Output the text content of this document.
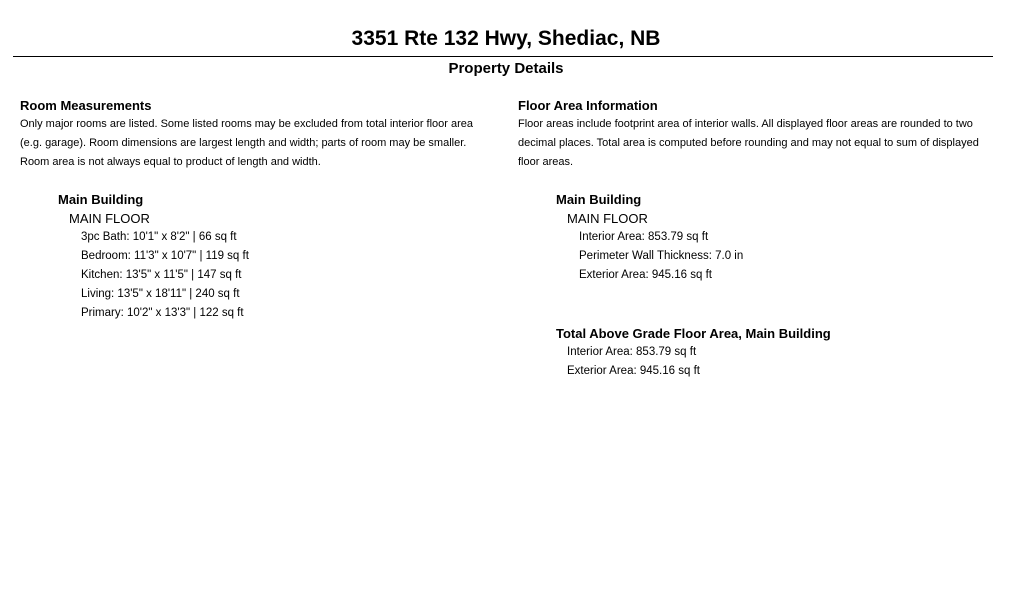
3351 Rte 132 Hwy, Shediac, NB
Property Details
Room Measurements
Only major rooms are listed. Some listed rooms may be excluded from total interior floor area (e.g. garage). Room dimensions are largest length and width; parts of room may be smaller. Room area is not always equal to product of length and width.
Main Building
MAIN FLOOR
3pc Bath: 10'1" x 8'2" | 66 sq ft
Bedroom: 11'3" x 10'7" | 119 sq ft
Kitchen: 13'5" x 11'5" | 147 sq ft
Living: 13'5" x 18'11" | 240 sq ft
Primary: 10'2" x 13'3" | 122 sq ft
Floor Area Information
Floor areas include footprint area of interior walls. All displayed floor areas are rounded to two decimal places. Total area is computed before rounding and may not equal to sum of displayed floor areas.
Main Building
MAIN FLOOR
Interior Area: 853.79 sq ft
Perimeter Wall Thickness: 7.0 in
Exterior Area: 945.16 sq ft
Total Above Grade Floor Area, Main Building
Interior Area: 853.79 sq ft
Exterior Area: 945.16 sq ft
